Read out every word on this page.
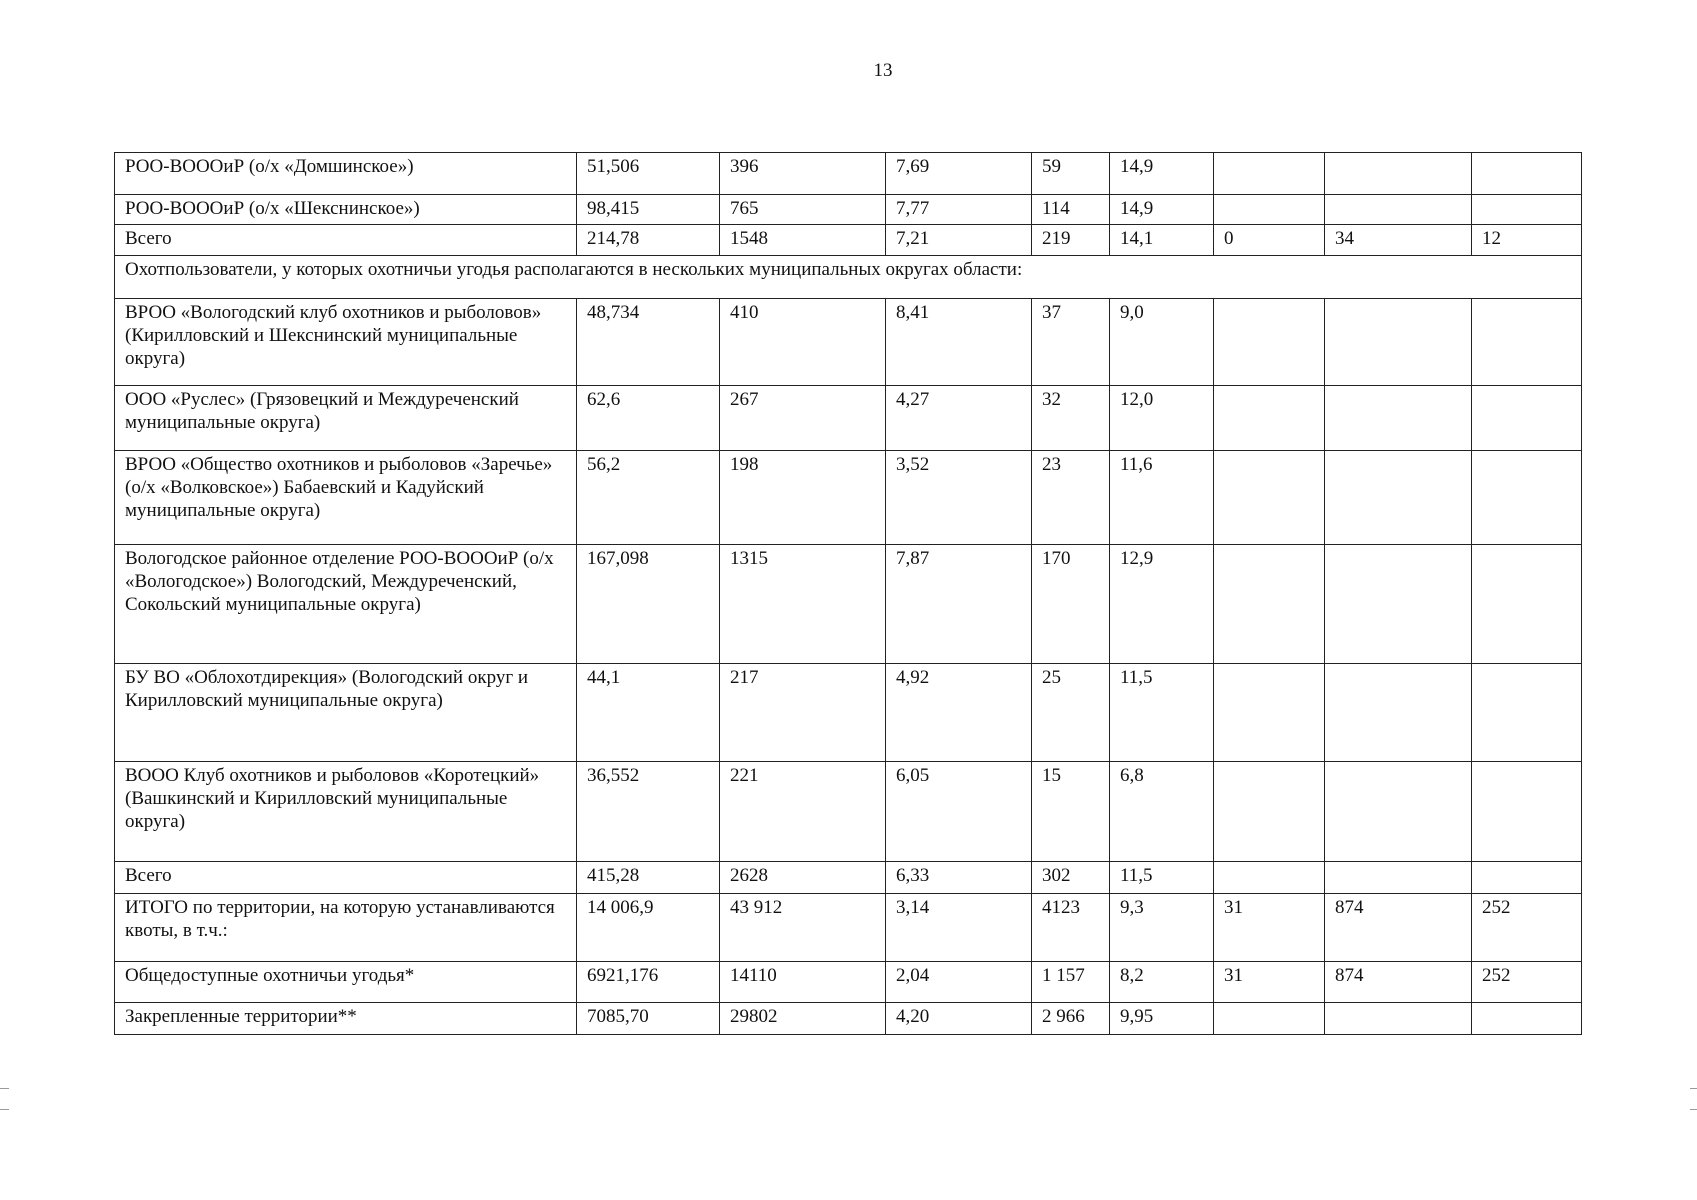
13
РОО-ВОООиР (о/х «Домшинское»)	51,506	396	7,69	59	14,9			
РОО-ВОООиР (о/х «Шекснинское»)	98,415	765	7,77	114	14,9			
Всего	214,78	1548	7,21	219	14,1	0	34	12
Охотпользователи, у которых охотничьи угодья располагаются в нескольких муниципальных округах области:								
ВРОО «Вологодский клуб охотников и рыболовов» (Кирилловский и Шекснинский муниципальные округа)	48,734	410	8,41	37	9,0			
ООО «Руслес» (Грязовецкий и Междуреченский муниципальные округа)	62,6	267	4,27	32	12,0			
ВРОО «Общество охотников и рыболовов «Заречье» (о/х «Волковское») Бабаевский и Кадуйский муниципальные округа)	56,2	198	3,52	23	11,6			
Вологодское районное отделение РОО-ВОООиР (о/х «Вологодское») Вологодский, Междуреченский, Сокольский муниципальные округа)	167,098	1315	7,87	170	12,9			
БУ ВО «Облохотдирекция» (Вологодский округ и Кирилловский муниципальные округа)	44,1	217	4,92	25	11,5			
ВООО Клуб охотников и рыболовов «Коротецкий» (Вашкинский и Кирилловский муниципальные округа)	36,552	221	6,05	15	6,8			
Всего	415,28	2628	6,33	302	11,5			
ИТОГО по территории, на которую устанавливаются квоты, в т.ч.:	14 006,9	43 912	3,14	4123	9,3	31	874	252
Общедоступные охотничьи угодья*	6921,176	14110	2,04	1 157	8,2	31	874	252
Закрепленные территории**	7085,70	29802	4,20	2 966	9,95			
